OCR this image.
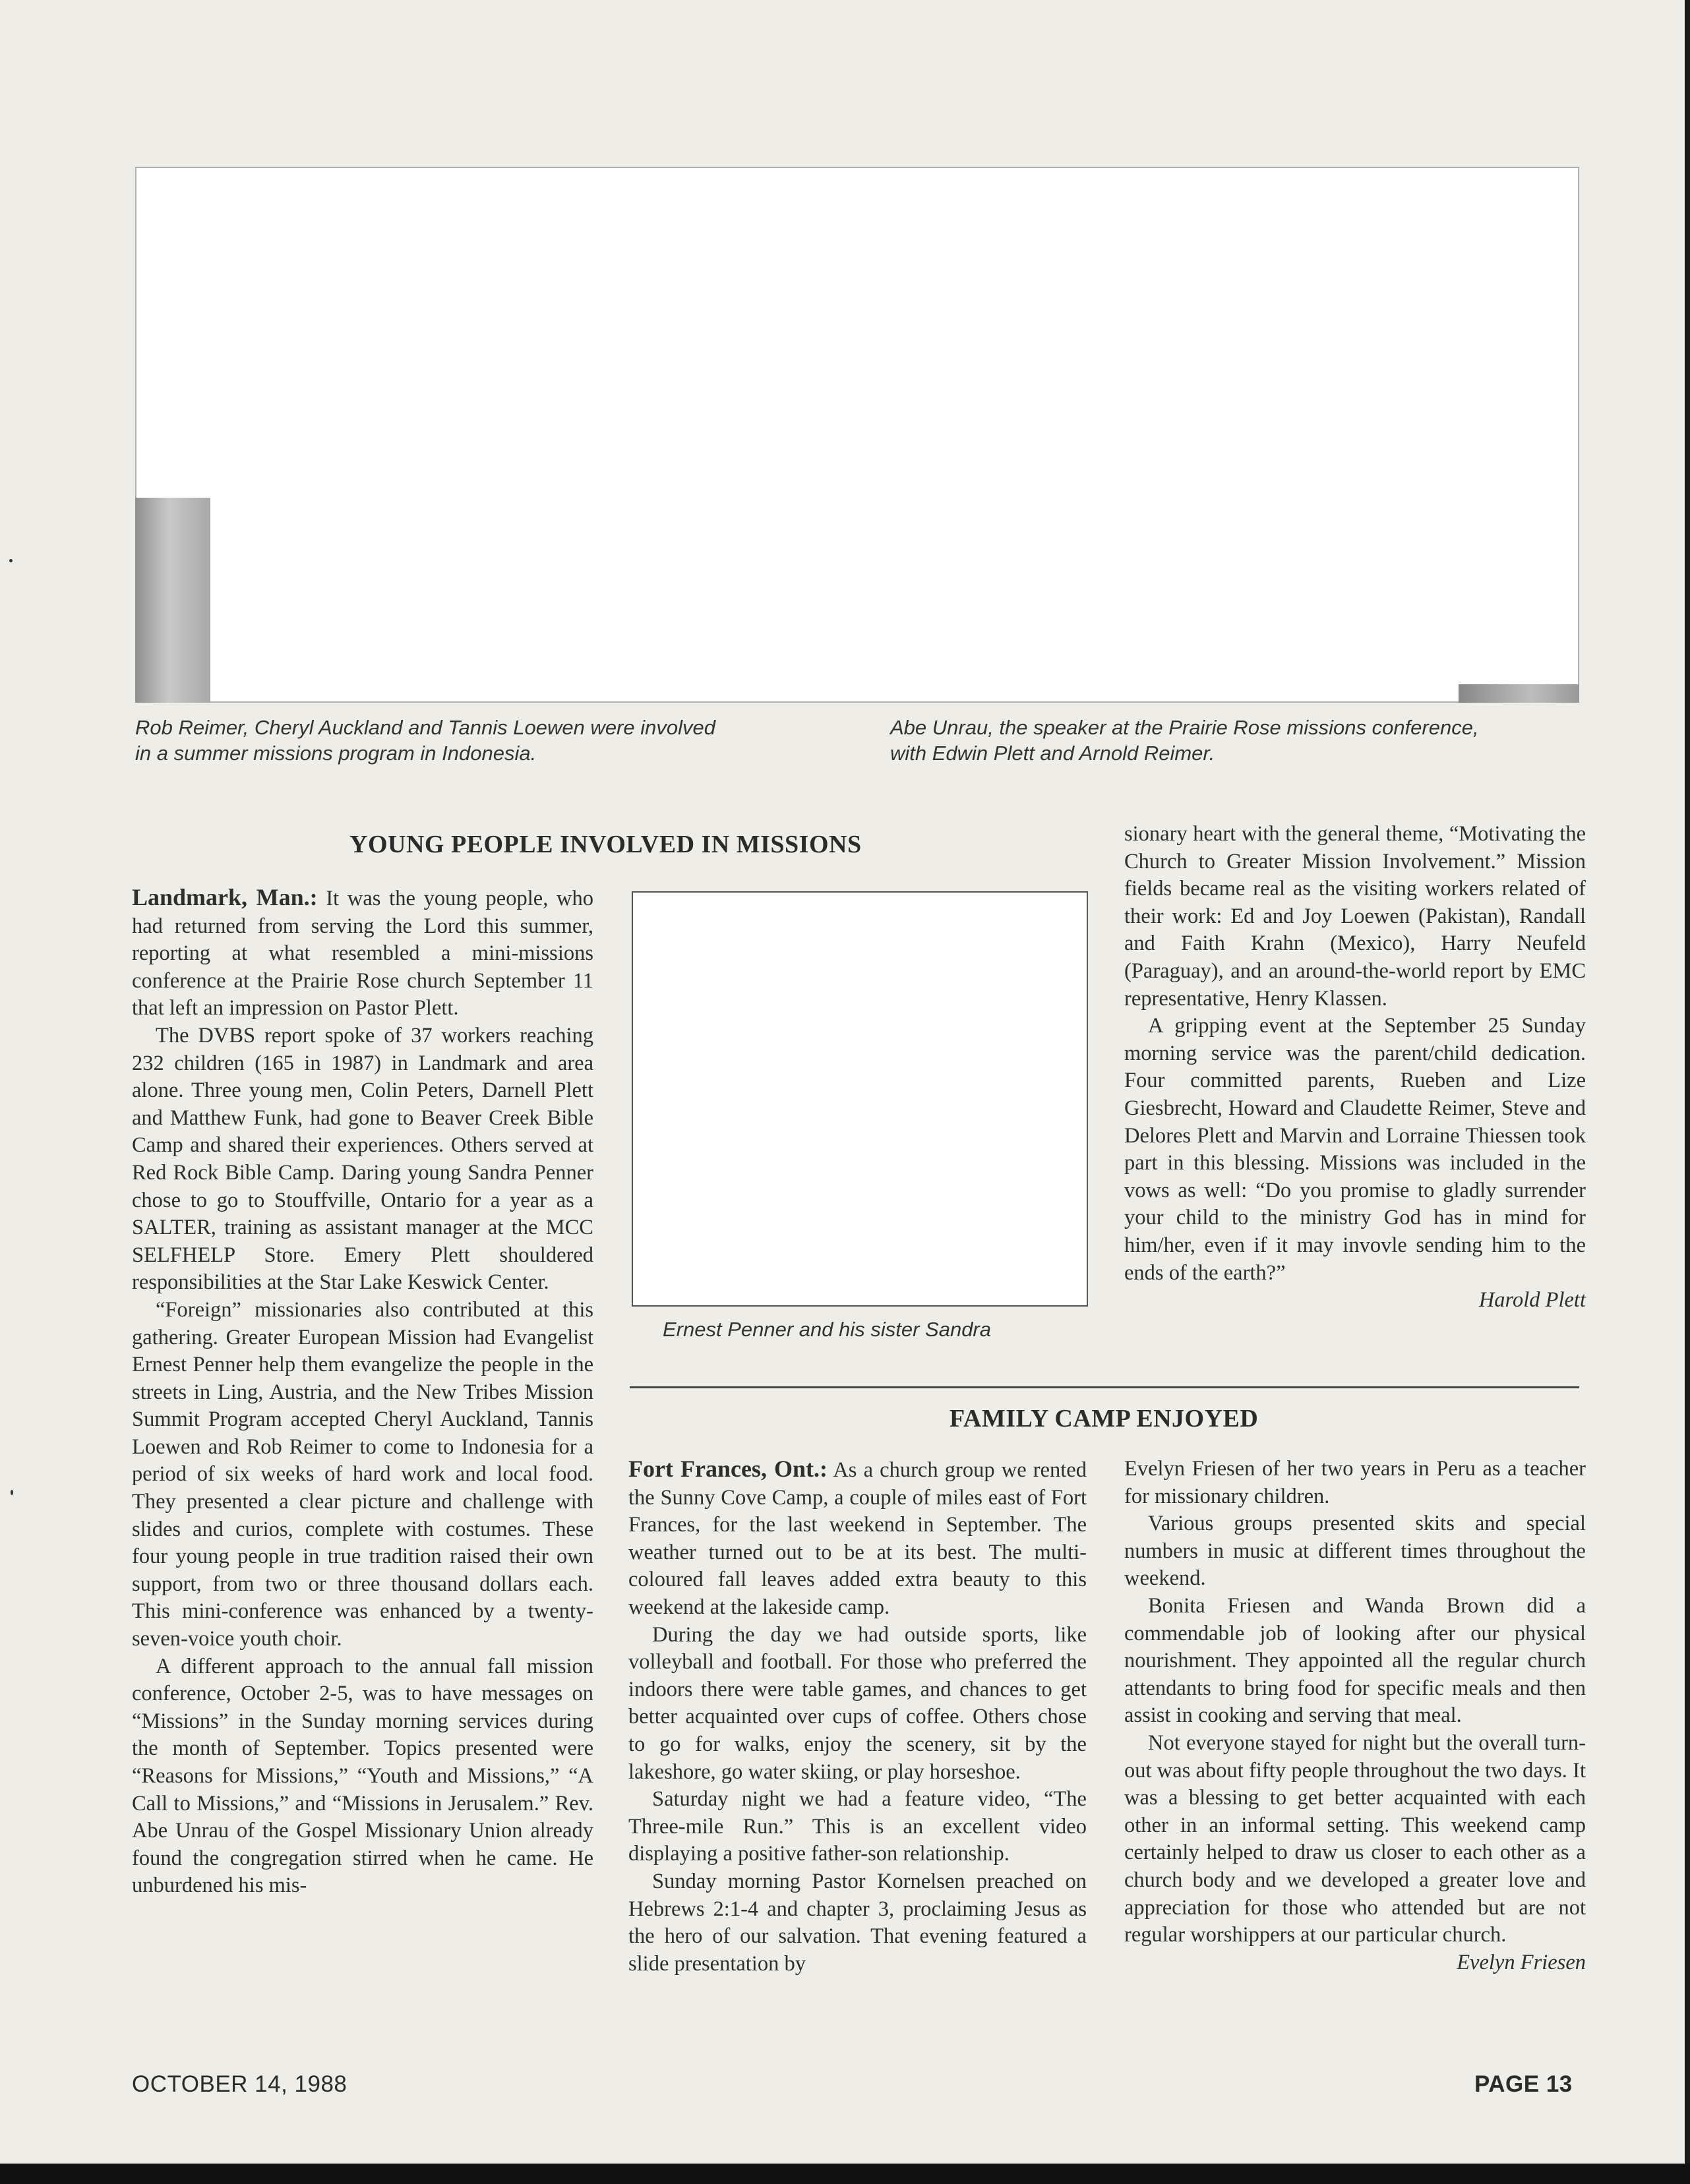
Rob Reimer, Cheryl Auckland and Tannis Loewen were involved
in a summer missions program in Indonesia.
Abe Unrau, the speaker at the Prairie Rose missions conference,
with Edwin Plett and Arnold Reimer.
YOUNG PEOPLE INVOLVED IN MISSIONS

Landmark, Man.: It was the young people, who had returned from serving the Lord this summer, reporting at what resembled a mini-missions conference at the Prairie Rose church September 11 that left an impression on Pastor Plett.

The DVBS report spoke of 37 workers reaching 232 children (165 in 1987) in Landmark and area alone. Three young men, Colin Peters, Darnell Plett and Matthew Funk, had gone to Beaver Creek Bible Camp and shared their experiences. Others served at Red Rock Bible Camp. Daring young Sandra Penner chose to go to Stouffville, Ontario for a year as a SALTER, training as assistant manager at the MCC SELFHELP Store. Emery Plett shouldered responsibilities at the Star Lake Keswick Center.

“Foreign” missionaries also contributed at this gathering. Greater European Mission had Evangelist Ernest Penner help them evangelize the people in the streets in Ling, Austria, and the New Tribes Mission Summit Program accepted Cheryl Auckland, Tannis Loewen and Rob Reimer to come to Indonesia for a period of six weeks of hard work and local food. They presented a clear picture and challenge with slides and curios, complete with costumes. These four young people in true tradition raised their own support, from two or three thousand dollars each. This mini-conference was enhanced by a twenty-seven-voice youth choir.

A different approach to the annual fall mission conference, October 2-5, was to have messages on “Missions” in the Sunday morning services during the month of September. Topics presented were “Reasons for Missions,” “Youth and Missions,” “A Call to Missions,” and “Missions in Jerusalem.” Rev. Abe Unrau of the Gospel Missionary Union already found the congregation stirred when he came. He unburdened his mis-

Ernest Penner and his sister Sandra

sionary heart with the general theme, “Motivating the Church to Greater Mission Involvement.” Mission fields became real as the visiting workers related of their work: Ed and Joy Loewen (Pakistan), Randall and Faith Krahn (Mexico), Harry Neufeld (Paraguay), and an around-the-world report by EMC representative, Henry Klassen.

A gripping event at the September 25 Sunday morning service was the parent/child dedication. Four committed parents, Rueben and Lize Giesbrecht, Howard and Claudette Reimer, Steve and Delores Plett and Marvin and Lorraine Thiessen took part in this blessing. Missions was included in the vows as well: “Do you promise to gladly surrender your child to the ministry God has in mind for him/her, even if it may invovle sending him to the ends of the earth?”

Harold Plett
FAMILY CAMP ENJOYED

Fort Frances, Ont.: As a church group we rented the Sunny Cove Camp, a couple of miles east of Fort Frances, for the last weekend in September. The weather turned out to be at its best. The multi-coloured fall leaves added extra beauty to this weekend at the lakeside camp.

During the day we had outside sports, like volleyball and football. For those who preferred the indoors there were table games, and chances to get better acquainted over cups of coffee. Others chose to go for walks, enjoy the scenery, sit by the lakeshore, go water skiing, or play horseshoe.

Saturday night we had a feature video, “The Three-mile Run.” This is an excellent video displaying a positive father-son relationship.

Sunday morning Pastor Kornelsen preached on Hebrews 2:1-4 and chapter 3, proclaiming Jesus as the hero of our salvation. That evening featured a slide presentation by

Evelyn Friesen of her two years in Peru as a teacher for missionary children.

Various groups presented skits and special numbers in music at different times throughout the weekend.

Bonita Friesen and Wanda Brown did a commendable job of looking after our physical nourishment. They appointed all the regular church attendants to bring food for specific meals and then assist in cooking and serving that meal.

Not everyone stayed for night but the overall turn-out was about fifty people throughout the two days. It was a blessing to get better acquainted with each other in an informal setting. This weekend camp certainly helped to draw us closer to each other as a church body and we developed a greater love and appreciation for those who attended but are not regular worshippers at our particular church.

Evelyn Friesen
OCTOBER 14, 1988	PAGE 13
